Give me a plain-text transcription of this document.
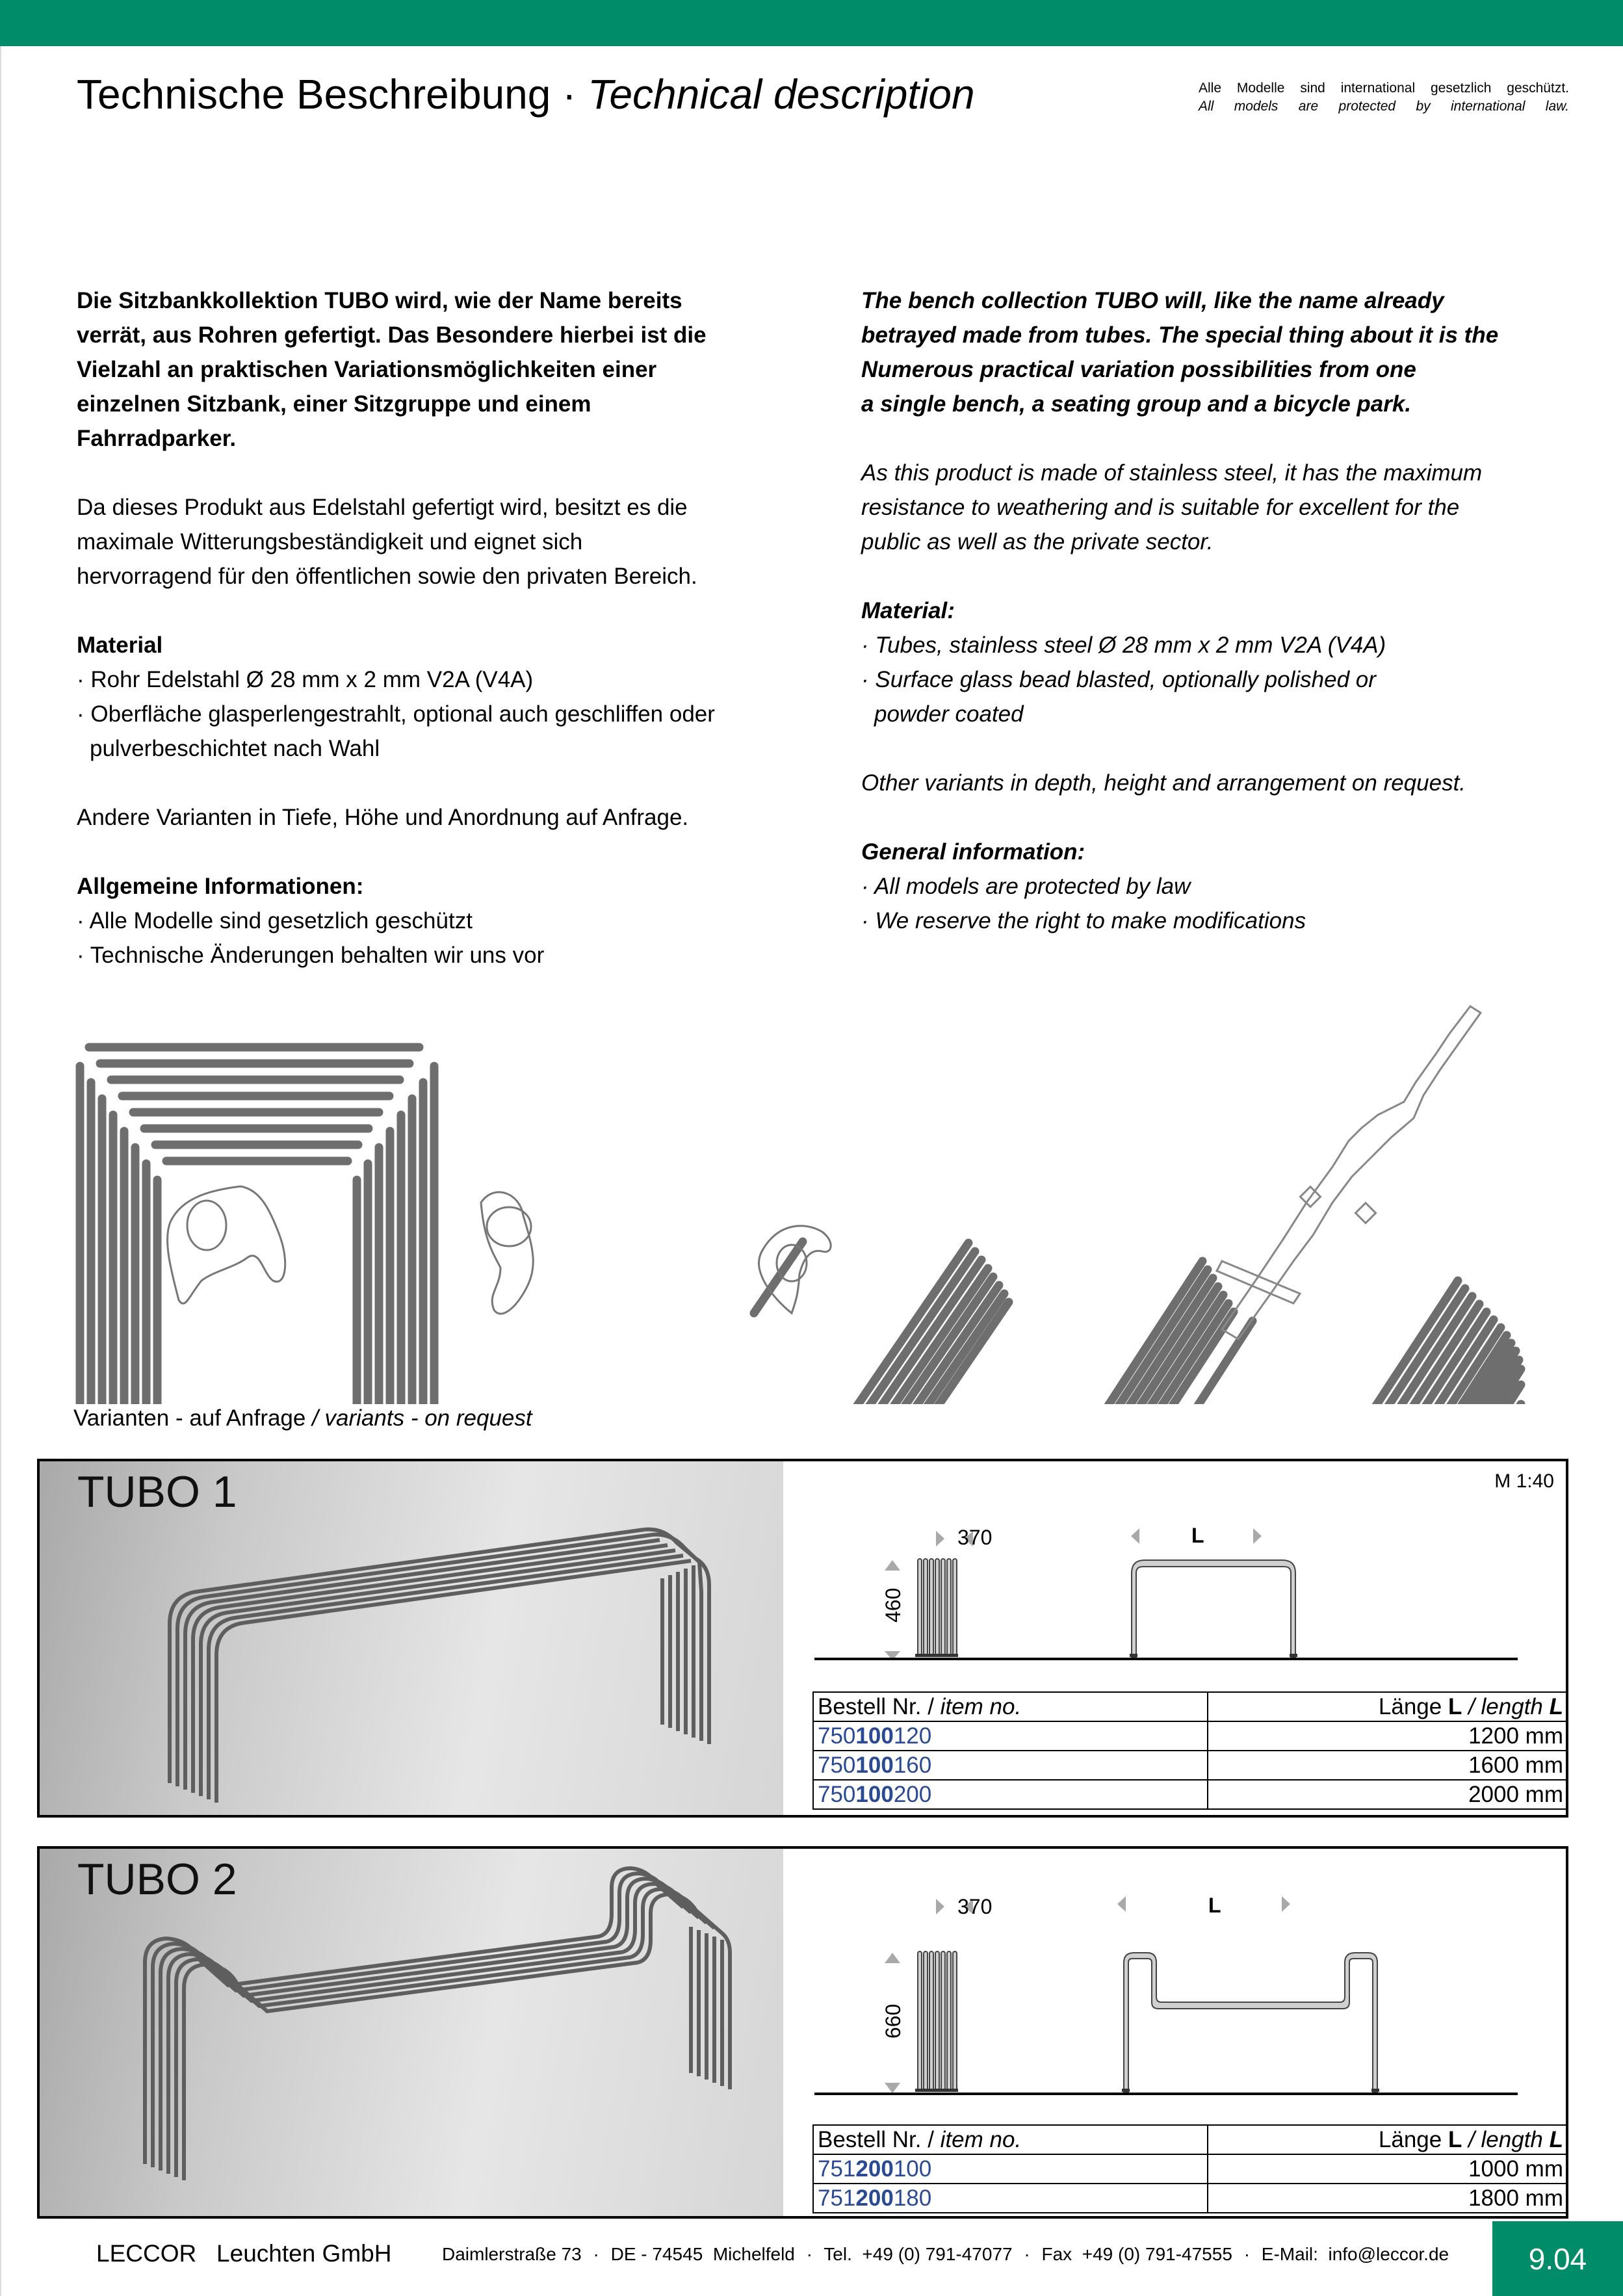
Technische Beschreibung · Technical description	Alle Modelle sind international gesetzlich geschützt.
All models are protected by international law.

Die Sitzbankkollektion TUBO wird, wie der Name bereits

verrät, aus Rohren gefertigt. Das Besondere hierbei ist die

Vielzahl an praktischen Variationsmöglichkeiten einer

einzelnen Sitzbank, einer Sitzgruppe und einem

Fahrradparker.

Da dieses Produkt aus Edelstahl gefertigt wird, besitzt es die

maximale Witterungsbeständigkeit und eignet sich

hervorragend für den öffentlichen sowie den privaten Bereich.

Material

· Rohr Edelstahl Ø 28 mm x 2 mm V2A (V4A)

· Oberfläche glasperlengestrahlt, optional auch geschliffen oder

pulverbeschichtet nach Wahl

Andere Varianten in Tiefe, Höhe und Anordnung auf Anfrage.

Allgemeine Informationen:

· Alle Modelle sind gesetzlich geschützt

· Technische Änderungen behalten wir uns vor

The bench collection TUBO will, like the name already

betrayed made from tubes. The special thing about it is the

Numerous practical variation possibilities from one

a single bench, a seating group and a bicycle park.

As this product is made of stainless steel, it has the maximum

resistance to weathering and is suitable for excellent for the

public as well as the private sector.

Material:

· Tubes, stainless steel Ø 28 mm x 2 mm V2A (V4A)

· Surface glass bead blasted, optionally polished or

powder coated

Other variants in depth, height and arrangement on request.

General information:

· All models are protected by law

· We reserve the right to make modifications

Varianten - auf Anfrage / variants - on request
TUBO 1	M 1:40
370	L
460
Bestell Nr. / item no.	Länge L / length L
750100120	1200 mm
750100160	1600 mm
750100200	2000 mm
TUBO 2
370	L
660
Bestell Nr. / item no.	Länge L / length L
751200100	1000 mm
751200180	1800 mm
LECCOR   Leuchten GmbH	Daimlerstraße 73 · DE - 74545  Michelfeld · Tel.  +49 (0) 791-47077 · Fax  +49 (0) 791-47555 · E-Mail:  info@leccor.de	9.04
